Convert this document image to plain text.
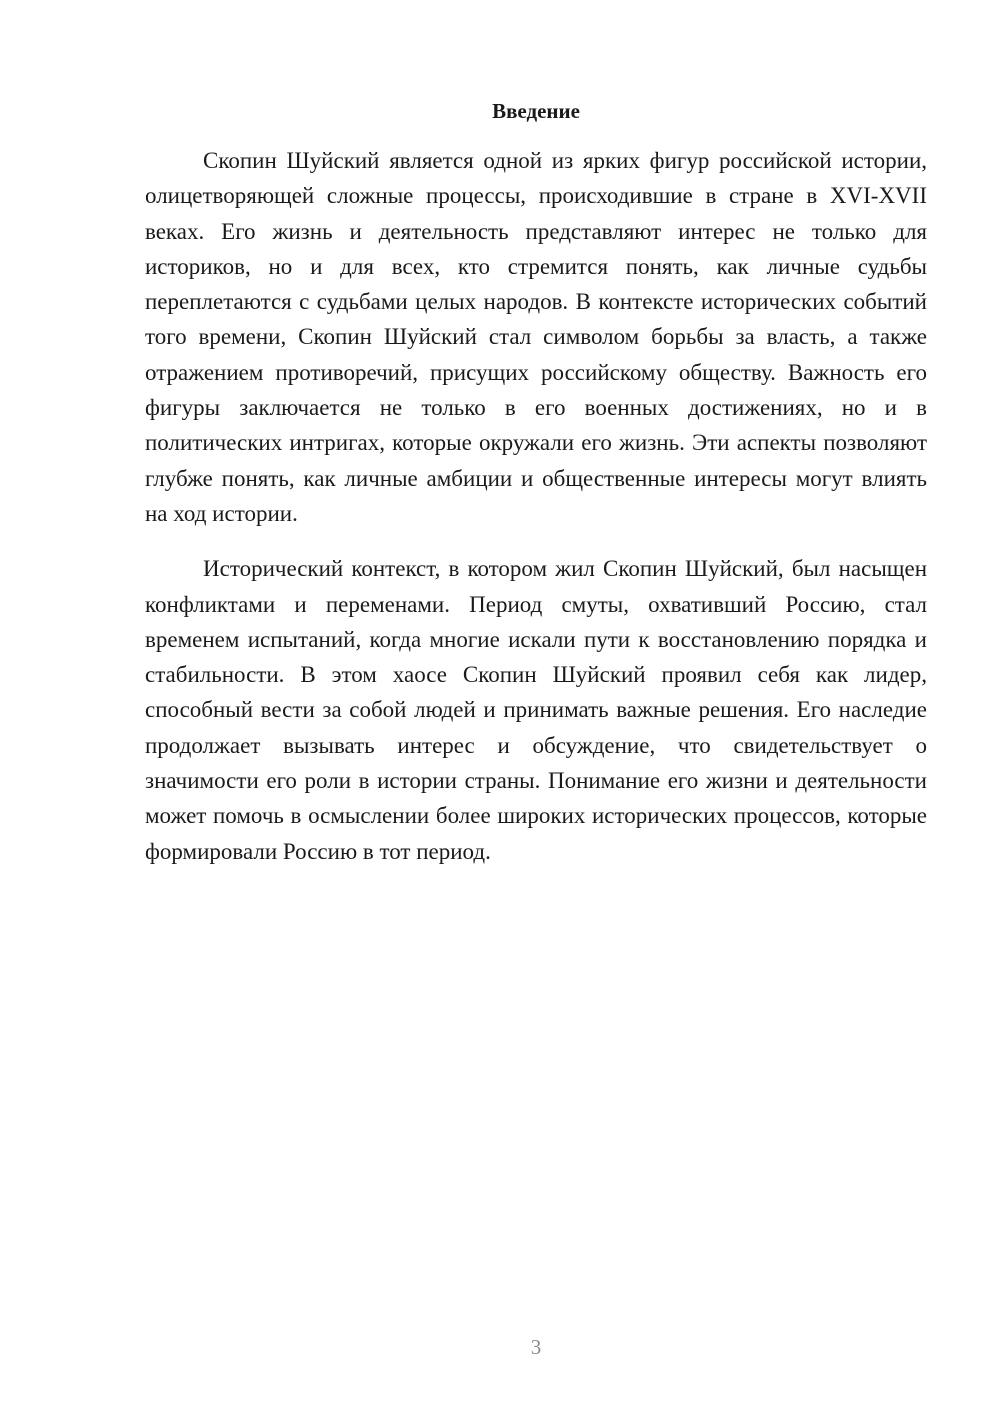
Введение

Скопин Шуйский является одной из ярких фигур российской истории, олицетворяющей сложные процессы, происходившие в стране в XVI-XVII веках. Его жизнь и деятельность представляют интерес не только для историков, но и для всех, кто стремится понять, как личные судьбы переплетаются с судьбами целых народов. В контексте исторических событий того времени, Скопин Шуйский стал символом борьбы за власть, а также отражением противоречий, присущих российскому обществу. Важность его фигуры заключается не только в его военных достижениях, но и в политических интригах, которые окружали его жизнь. Эти аспекты позволяют глубже понять, как личные амбиции и общественные интересы могут влиять на ход истории.

Исторический контекст, в котором жил Скопин Шуйский, был насыщен конфликтами и переменами. Период смуты, охвативший Россию, стал временем испытаний, когда многие искали пути к восстановлению порядка и стабильности. В этом хаосе Скопин Шуйский проявил себя как лидер, способный вести за собой людей и принимать важные решения. Его наследие продолжает вызывать интерес и обсуждение, что свидетельствует о значимости его роли в истории страны. Понимание его жизни и деятельности может помочь в осмыслении более широких исторических процессов, которые формировали Россию в тот период.

3
